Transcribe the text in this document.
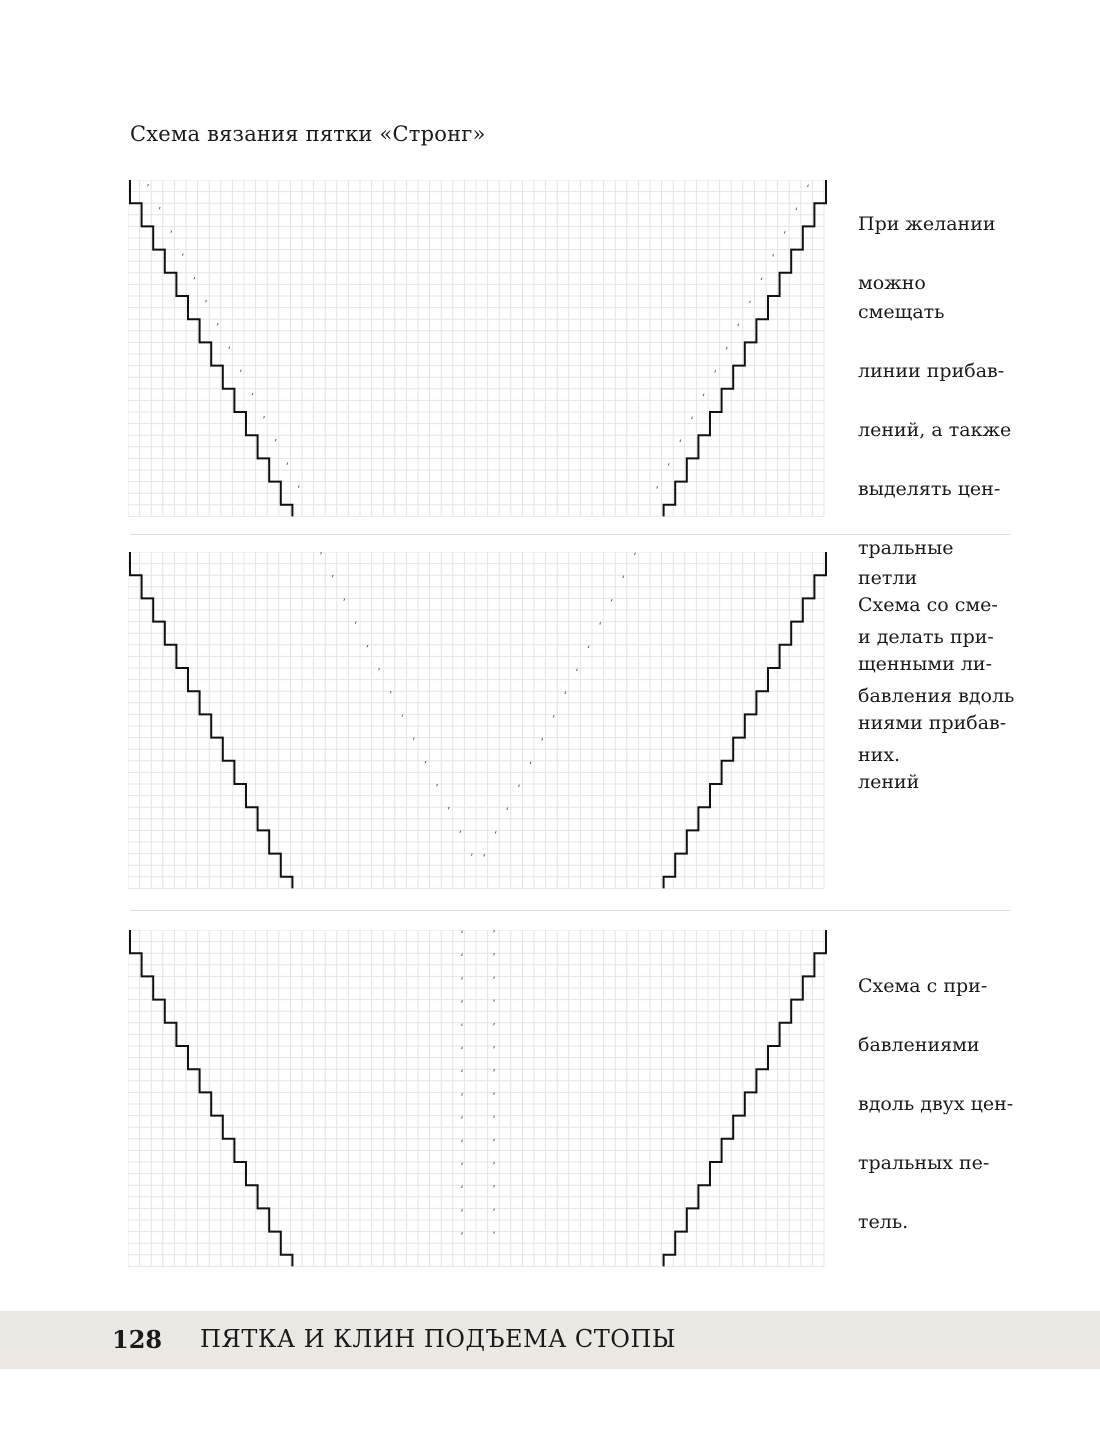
Схема вязания пятки «Стронг»
ʼ	ʻ
ʼ	ʻ
ʼ	ʻ
ʼ	ʻ
ʼ	ʻ
ʼ	ʻ
ʼ	ʻ
ʼ	ʻ
ʼ	ʻ
ʼ	ʻ
ʼ	ʻ
ʼ	ʻ
ʼ	ʻ
ʼ	ʻ

При желании

можно смещать

линии прибав-

лений, а также

выделять цен-

тральные петли

и делать при-

бавления вдоль

них.

ʼ	ʻ
ʼ	ʻ
ʼ	ʻ
ʼ	ʻ
ʼ	ʻ
ʼ	ʻ
ʼ	ʻ
ʼ	ʻ
ʼ	ʻ
ʼ	ʻ
ʼ	ʻ
ʼ	ʻ
ʼ	ʻ
ʼ ʻ

Схема со сме-

щенными ли-

ниями прибав-

лений

ʻ	ʼ
ʻ	ʼ
ʻ	ʼ
ʻ	ʼ
ʻ	ʼ
ʻ	ʼ
ʻ	ʼ
ʻ	ʼ
ʻ	ʼ
ʻ	ʼ
ʻ	ʼ
ʻ	ʼ
ʻ	ʼ
ʻ	ʼ

Схема с при-

бавлениями

вдоль двух цен-

тральных пе-

тель.

128 ПЯТКА И КЛИН ПОДЪЕМА СТОПЫ
